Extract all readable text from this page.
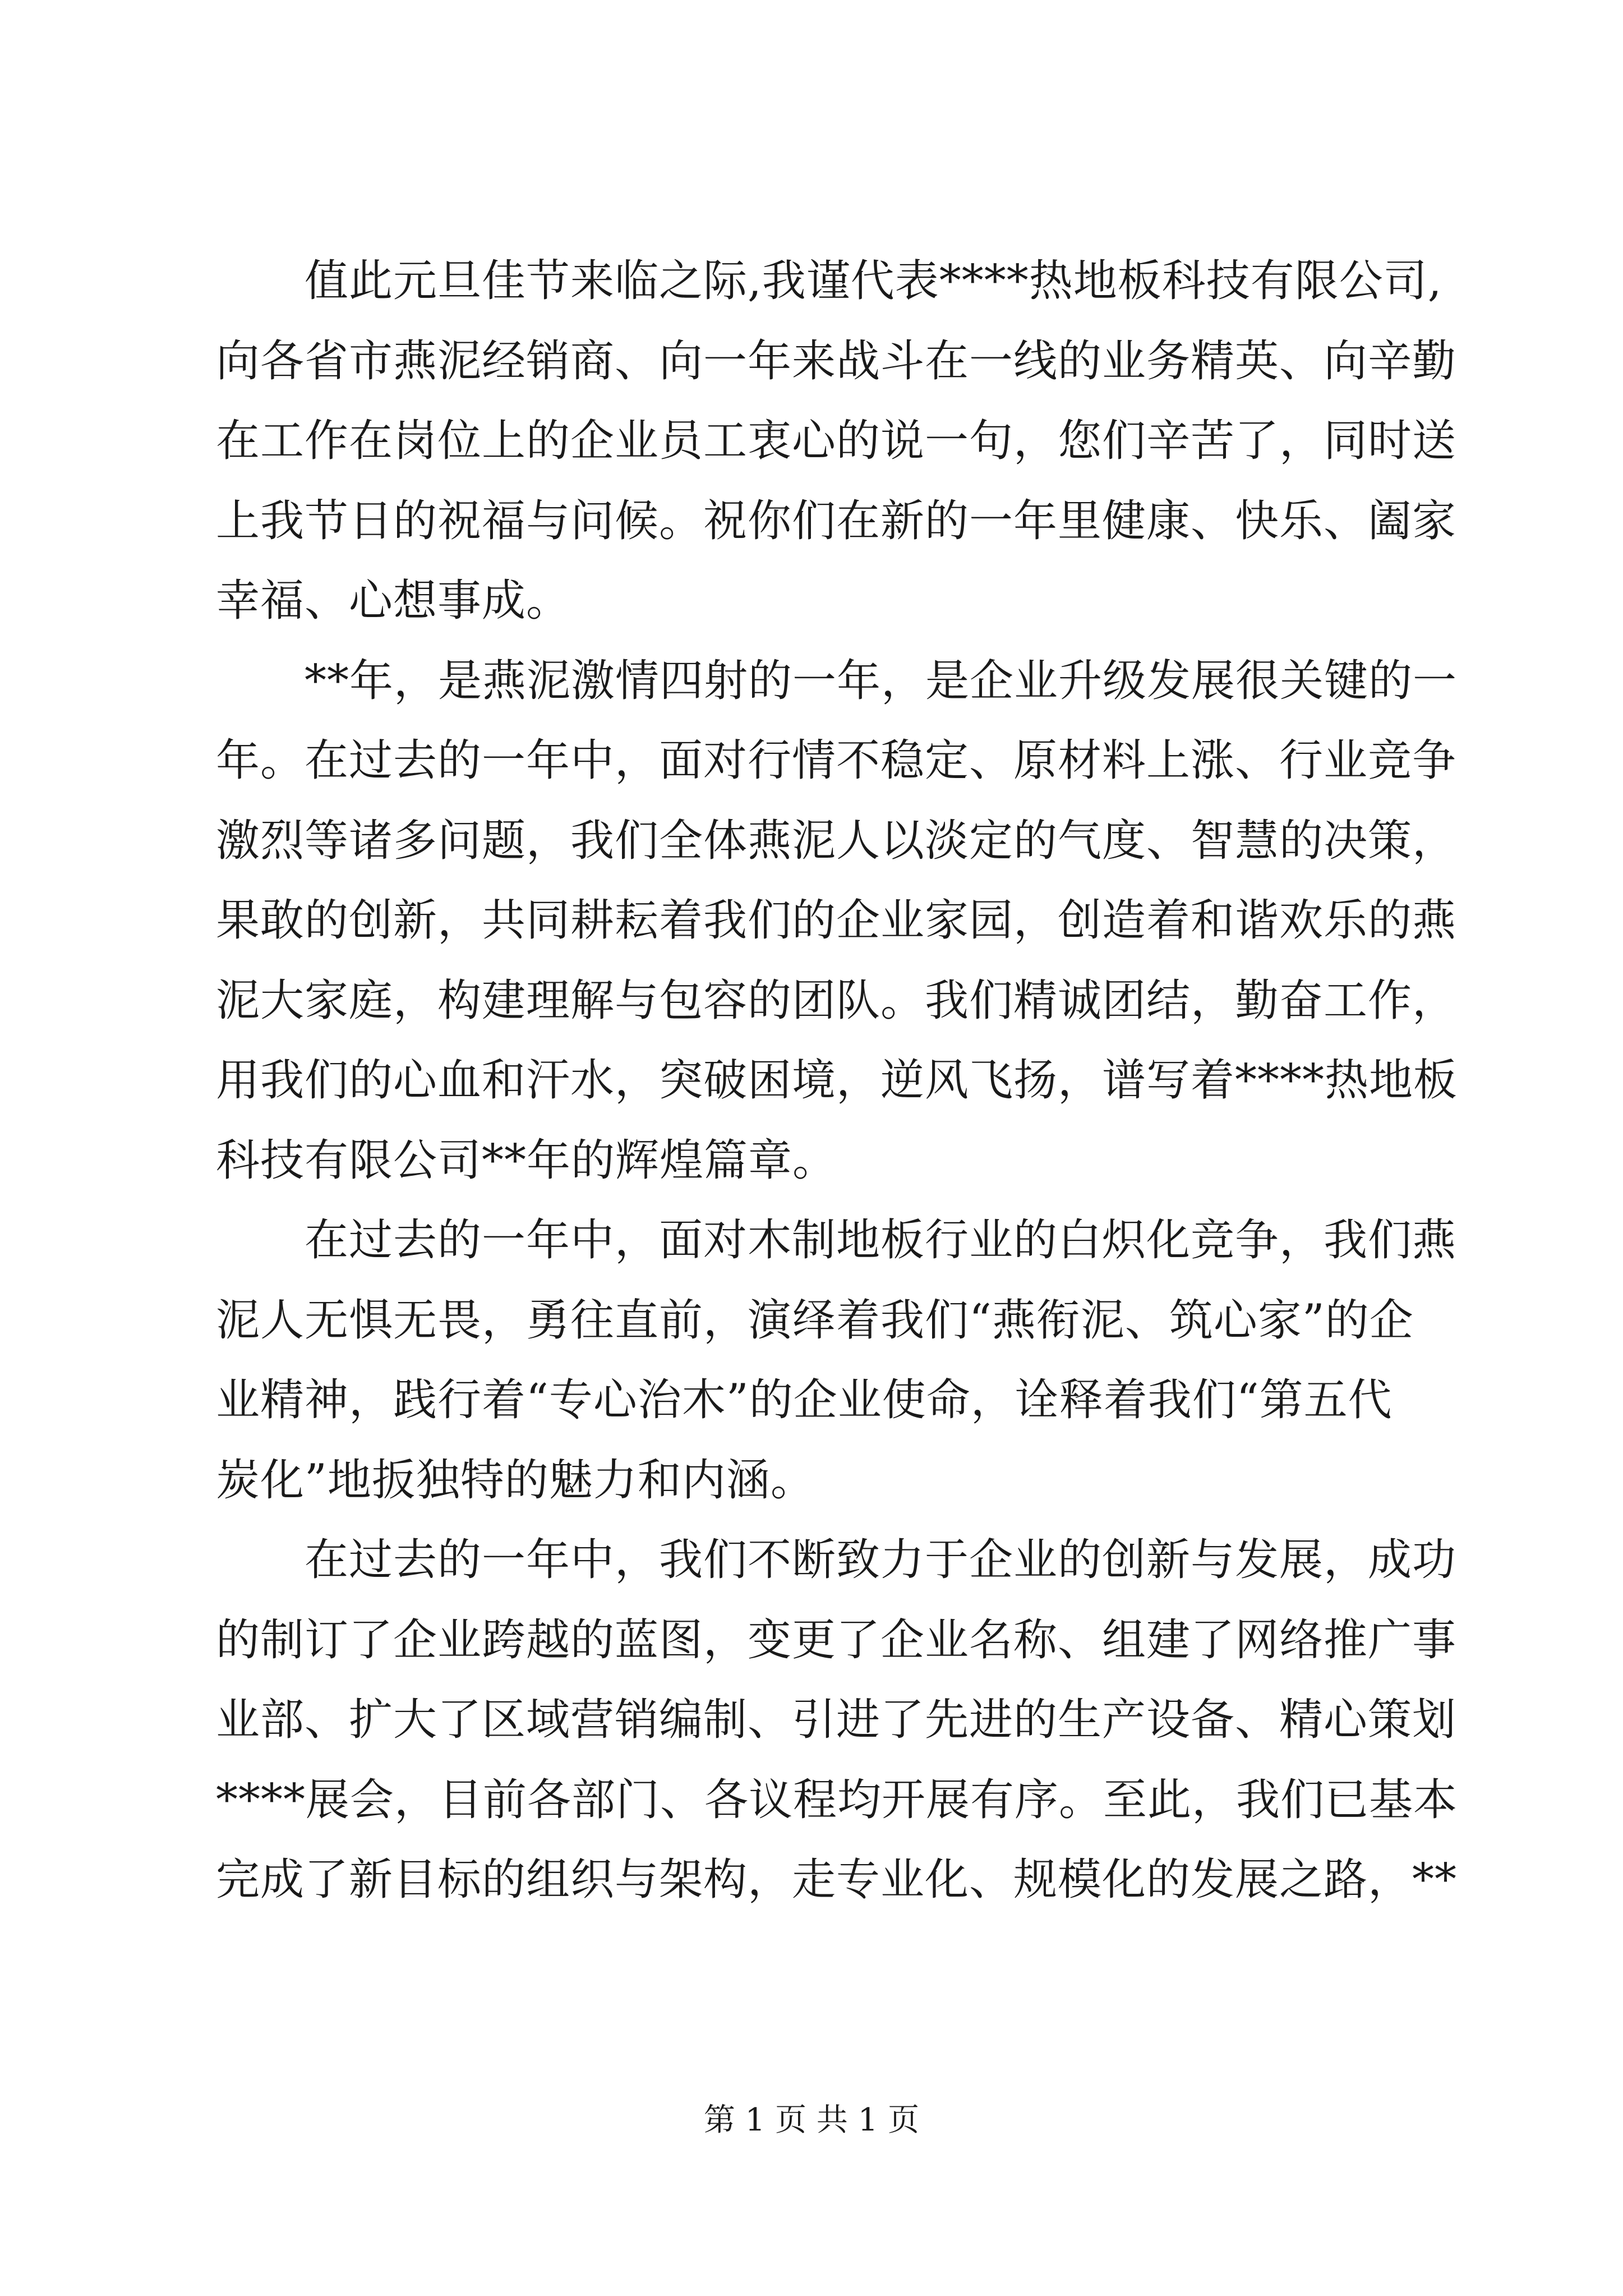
　　值此元旦佳节来临之际,我谨代表****热地板科技有限公司,
向各省市燕泥经销商、向一年来战斗在一线的业务精英、向辛勤
在工作在岗位上的企业员工衷心的说一句，您们辛苦了，同时送
上我节日的祝福与问候。祝你们在新的一年里健康、快乐、阖家
幸福、心想事成。
　　**年，是燕泥激情四射的一年，是企业升级发展很关键的一
年。在过去的一年中，面对行情不稳定、原材料上涨、行业竞争
激烈等诸多问题，我们全体燕泥人以淡定的气度、智慧的决策，
果敢的创新，共同耕耘着我们的企业家园，创造着和谐欢乐的燕
泥大家庭，构建理解与包容的团队。我们精诚团结，勤奋工作，
用我们的心血和汗水，突破困境，逆风飞扬，谱写着****热地板
科技有限公司**年的辉煌篇章。
　　在过去的一年中，面对木制地板行业的白炽化竞争，我们燕
泥人无惧无畏，勇往直前，演绎着我们“燕衔泥、筑心家”的企
业精神，践行着“专心治木”的企业使命，诠释着我们“第五代
炭化”地扳独特的魅力和内涵。
　　在过去的一年中，我们不断致力于企业的创新与发展，成功
的制订了企业跨越的蓝图，变更了企业名称、组建了网络推广事
业部、扩大了区域营销编制、引进了先进的生产设备、精心策划
****展会，目前各部门、各议程均开展有序。至此，我们已基本
完成了新目标的组织与架构，走专业化、规模化的发展之路，**
第 1 页 共 1 页
